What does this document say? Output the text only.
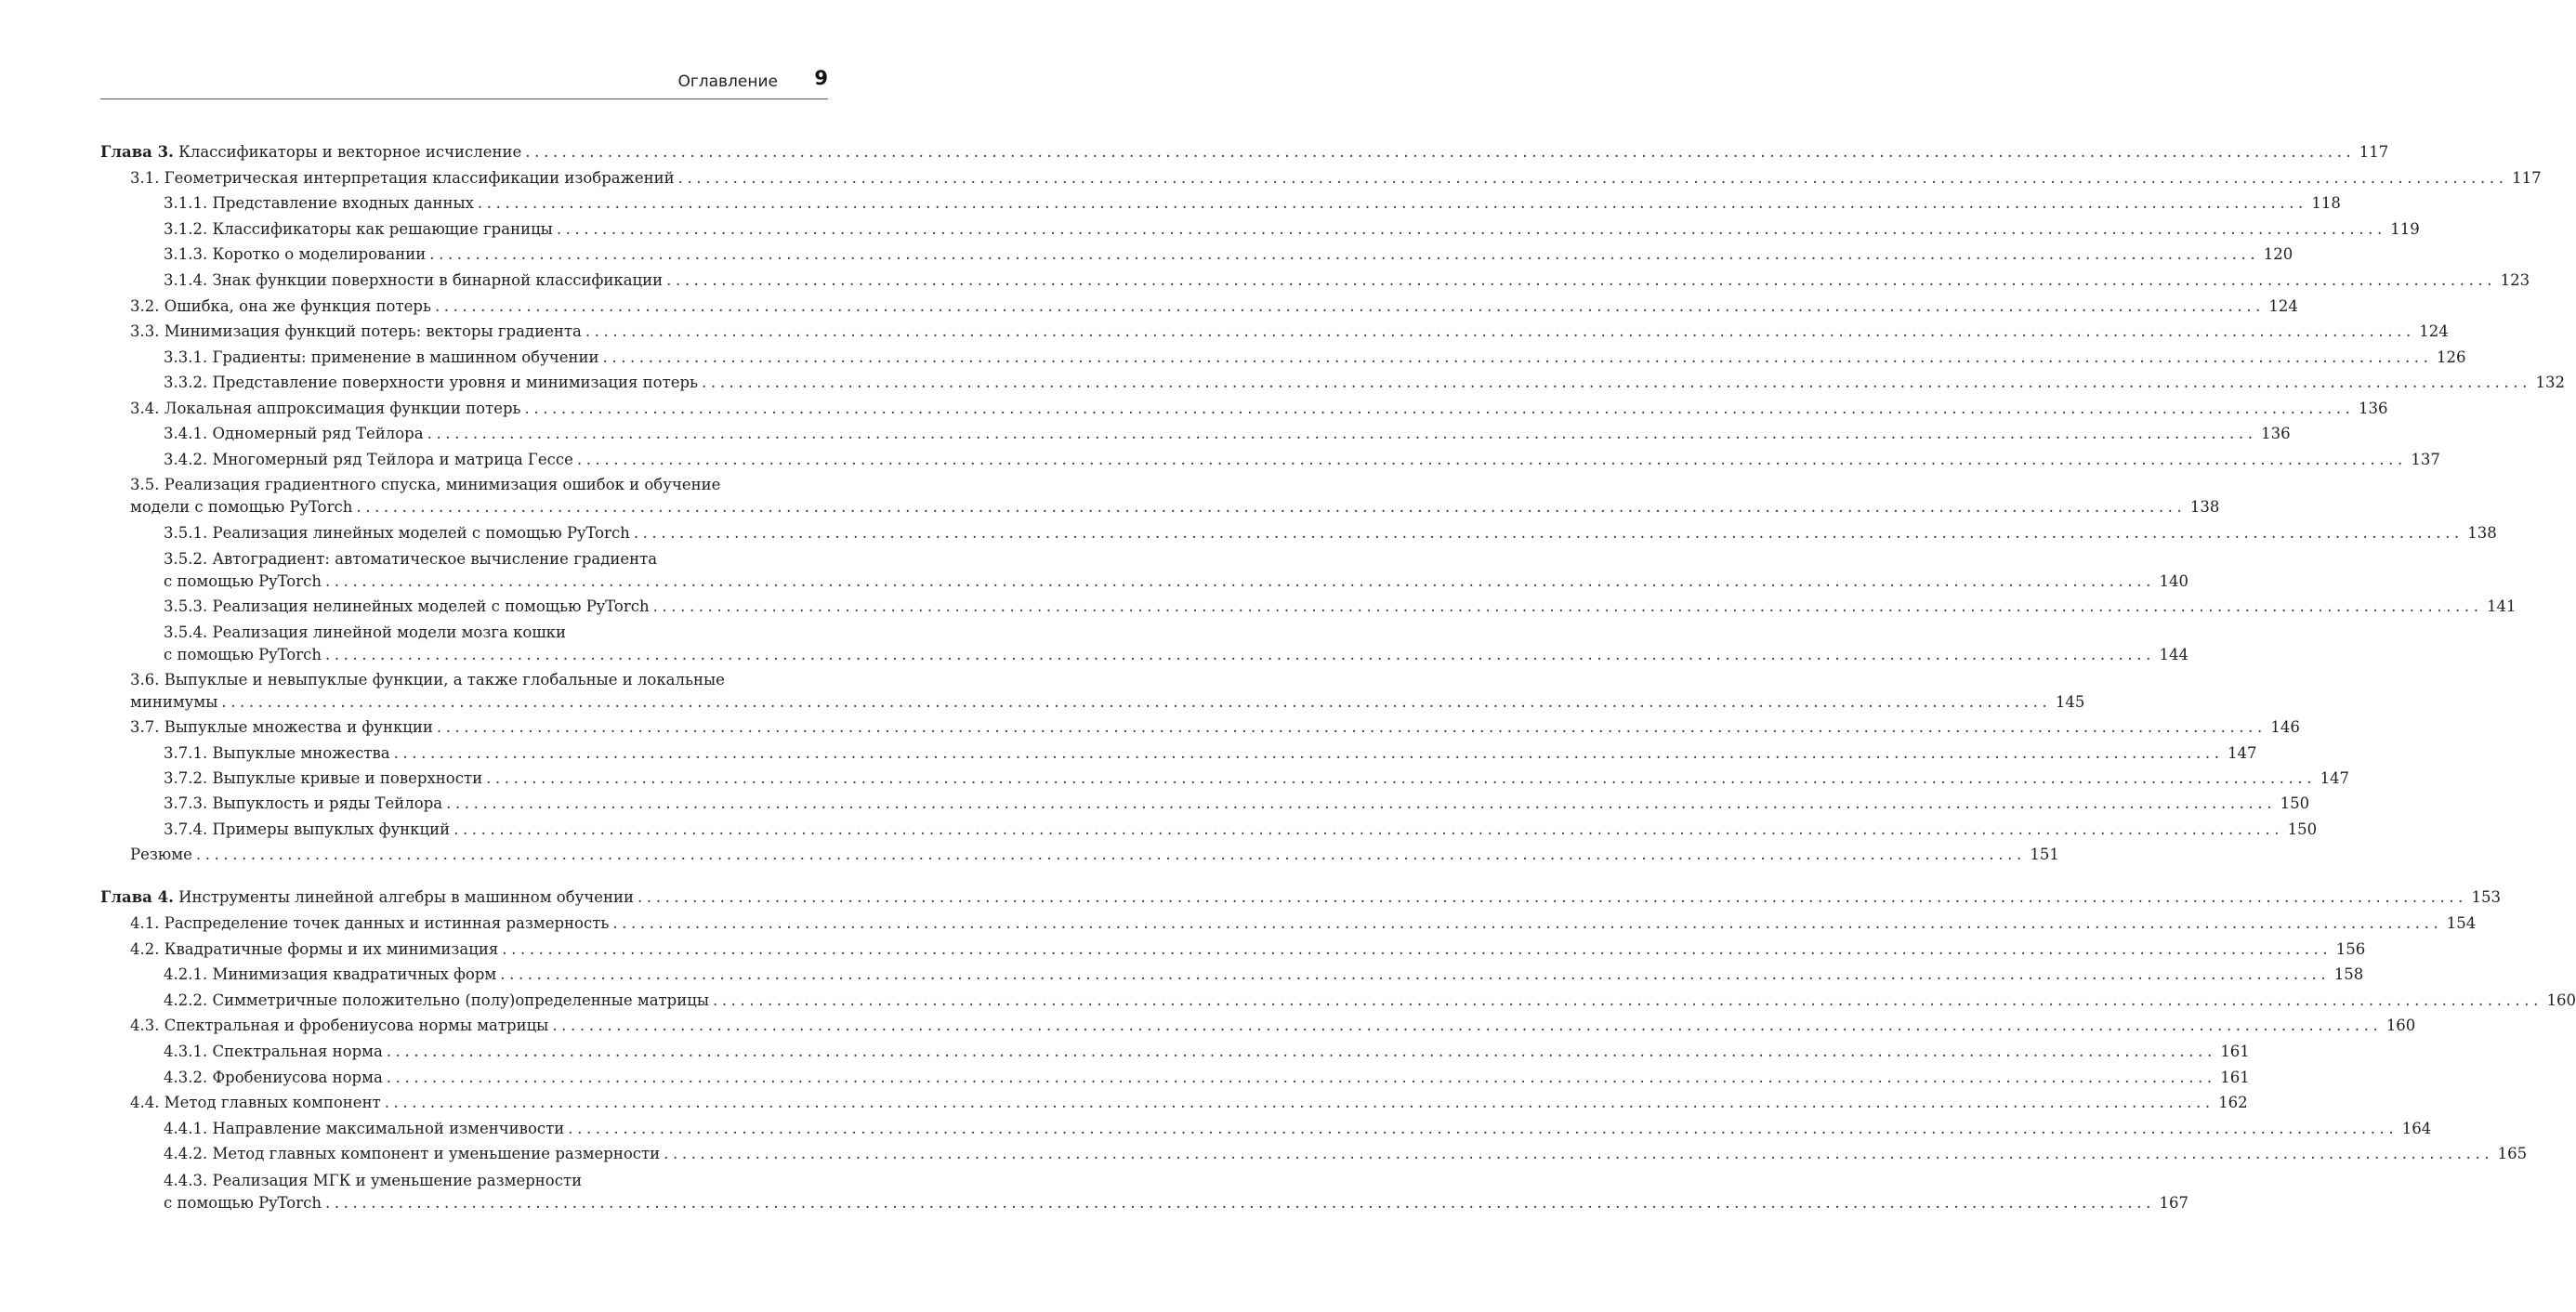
Оглавление 9
Глава 3. Классификаторы и векторное исчисление ........................................................................................................................................................................................................ 117
3.1. Геометрическая интерпретация классификации изображений ........................................................................................................................................................................................................ 117
3.1.1. Представление входных данных ........................................................................................................................................................................................................ 118
3.1.2. Классификаторы как решающие границы ........................................................................................................................................................................................................ 119
3.1.3. Коротко о моделировании ........................................................................................................................................................................................................ 120
3.1.4. Знак функции поверхности в бинарной классификации ........................................................................................................................................................................................................ 123
3.2. Ошибка, она же функция потерь ........................................................................................................................................................................................................ 124
3.3. Минимизация функций потерь: векторы градиента ........................................................................................................................................................................................................ 124
3.3.1. Градиенты: применение в машинном обучении ........................................................................................................................................................................................................ 126
3.3.2. Представление поверхности уровня и минимизация потерь ........................................................................................................................................................................................................ 132
3.4. Локальная аппроксимация функции потерь ........................................................................................................................................................................................................ 136
3.4.1. Одномерный ряд Тейлора ........................................................................................................................................................................................................ 136
3.4.2. Многомерный ряд Тейлора и матрица Гессе ........................................................................................................................................................................................................ 137
3.5. Реализация градиентного спуска, минимизация ошибок и обучение
модели с помощью PyTorch ........................................................................................................................................................................................................ 138
3.5.1. Реализация линейных моделей с помощью PyTorch ........................................................................................................................................................................................................ 138
3.5.2. Автоградиент: автоматическое вычисление градиента
с помощью PyTorch ........................................................................................................................................................................................................ 140
3.5.3. Реализация нелинейных моделей с помощью PyTorch ........................................................................................................................................................................................................ 141
3.5.4. Реализация линейной модели мозга кошки
с помощью PyTorch ........................................................................................................................................................................................................ 144
3.6. Выпуклые и невыпуклые функции, а также глобальные и локальные
минимумы ........................................................................................................................................................................................................ 145
3.7. Выпуклые множества и функции ........................................................................................................................................................................................................ 146
3.7.1. Выпуклые множества ........................................................................................................................................................................................................ 147
3.7.2. Выпуклые кривые и поверхности ........................................................................................................................................................................................................ 147
3.7.3. Выпуклость и ряды Тейлора ........................................................................................................................................................................................................ 150
3.7.4. Примеры выпуклых функций ........................................................................................................................................................................................................ 150
Резюме ........................................................................................................................................................................................................ 151
Глава 4. Инструменты линейной алгебры в машинном обучении ........................................................................................................................................................................................................ 153
4.1. Распределение точек данных и истинная размерность ........................................................................................................................................................................................................ 154
4.2. Квадратичные формы и их минимизация ........................................................................................................................................................................................................ 156
4.2.1. Минимизация квадратичных форм ........................................................................................................................................................................................................ 158
4.2.2. Симметричные положительно (полу)определенные матрицы ........................................................................................................................................................................................................ 160
4.3. Спектральная и фробениусова нормы матрицы ........................................................................................................................................................................................................ 160
4.3.1. Спектральная норма ........................................................................................................................................................................................................ 161
4.3.2. Фробениусова норма ........................................................................................................................................................................................................ 161
4.4. Метод главных компонент ........................................................................................................................................................................................................ 162
4.4.1. Направление максимальной изменчивости ........................................................................................................................................................................................................ 164
4.4.2. Метод главных компонент и уменьшение размерности ........................................................................................................................................................................................................ 165
4.4.3. Реализация МГК и уменьшение размерности
с помощью PyTorch ........................................................................................................................................................................................................ 167
